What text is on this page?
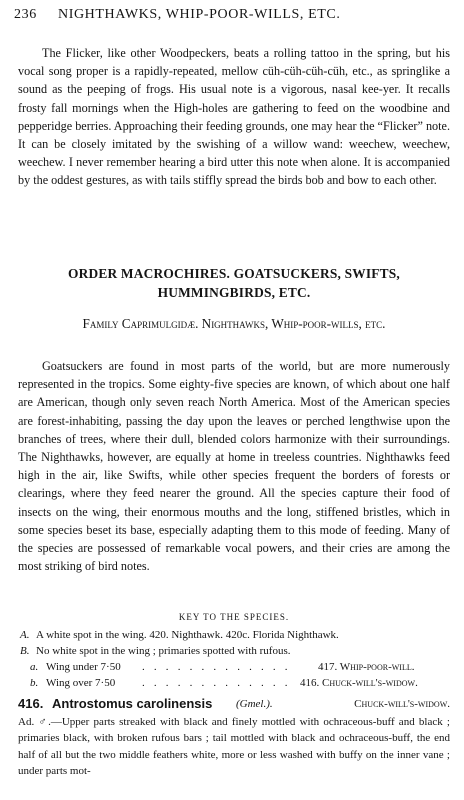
236 NIGHTHAWKS, WHIP-POOR-WILLS, ETC.

The Flicker, like other Woodpeckers, beats a rolling tattoo in the spring, but his vocal song proper is a rapidly-repeated, mellow cüh-cüh-cüh-cüh, etc., as springlike a sound as the peeping of frogs. His usual note is a vigorous, nasal kee-yer. It recalls frosty fall mornings when the High-holes are gathering to feed on the woodbine and pepperidge berries. Approaching their feeding grounds, one may hear the “Flicker” note. It can be closely imitated by the swishing of a willow wand: weechew, weechew, weechew. I never remember hearing a bird utter this note when alone. It is accompanied by the oddest gestures, as with tails stiffly spread the birds bob and bow to each other.

ORDER MACROCHIRES. GOATSUCKERS, SWIFTS, HUMMINGBIRDS, ETC.
Family Caprimulgidæ. Nighthawks, Whip-poor-wills, etc.

Goatsuckers are found in most parts of the world, but are more numerously represented in the tropics. Some eighty-five species are known, of which about one half are American, though only seven reach North America. Most of the American species are forest-inhabiting, passing the day upon the leaves or perched lengthwise upon the branches of trees, where their dull, blended colors harmonize with their surroundings. The Nighthawks, however, are equally at home in treeless countries. Nighthawks feed high in the air, like Swifts, while other species frequent the borders of forests or clearings, where they feed nearer the ground. All the species capture their food of insects on the wing, their enormous mouths and the long, stiffened bristles, which in some species beset its base, especially adapting them to this mode of feeding. Many of the species are possessed of remarkable vocal powers, and their cries are among the most striking of bird notes.

KEY TO THE SPECIES.
A. A white spot in the wing. 420. Nighthawk. 420c. Florida Nighthawk.
B. No white spot in the wing ; primaries spotted with rufous.
a. Wing under 7·50 . . . . . . . . . . . . . 417. Whip-poor-will.
b. Wing over 7·50 . . . . . . . . . . . . . 416. Chuck-will's-widow.
416. Antrostomus carolinensis (Gmel.).	Chuck-will's-widow.

Ad. ♂.—Upper parts streaked with black and finely mottled with ochraceous-buff and black ; primaries black, with broken rufous bars ; tail mottled with black and ochraceous-buff, the end half of all but the two middle feathers white, more or less washed with buffy on the inner vane ; under parts mot-
